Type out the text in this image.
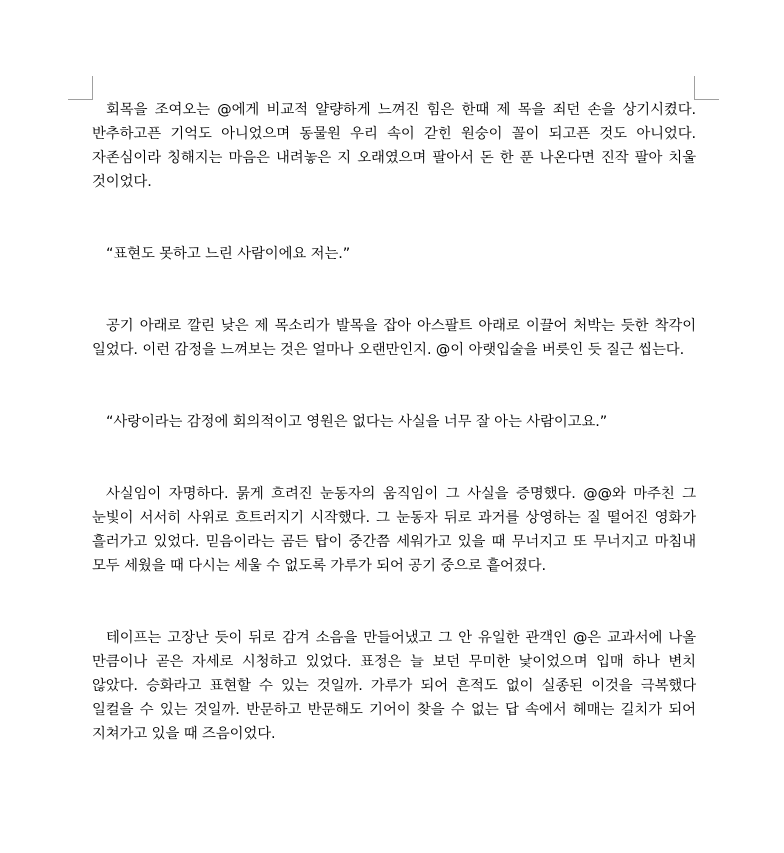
회목을 조여오는 @에게 비교적 얄량하게 느껴진 힘은 한때 제 목을 죄던 손을 상기시켰다. 반추하고픈 기억도 아니었으며 동물원 우리 속이 갇힌 원숭이 꼴이 되고픈 것도 아니었다. 자존심이라 칭해지는 마음은 내려놓은 지 오래였으며 팔아서 돈 한 푼 나온다면 진작 팔아 치울 것이었다.

“표현도 못하고 느린 사람이에요 저는.”

공기 아래로 깔린 낮은 제 목소리가 발목을 잡아 아스팔트 아래로 이끌어 처박는 듯한 착각이 일었다. 이런 감정을 느껴보는 것은 얼마나 오랜만인지. @이 아랫입술을 버릇인 듯 질근 씹는다.

“사랑이라는 감정에 회의적이고 영원은 없다는 사실을 너무 잘 아는 사람이고요.”

사실임이 자명하다. 묽게 흐려진 눈동자의 움직임이 그 사실을 증명했다. @@와 마주친 그 눈빛이 서서히 사위로 흐트러지기 시작했다. 그 눈동자 뒤로 과거를 상영하는 질 떨어진 영화가 흘러가고 있었다. 믿음이라는 곰든 탑이 중간쯤 세워가고 있을 때 무너지고 또 무너지고 마침내 모두 세웠을 때 다시는 세울 수 없도록 가루가 되어 공기 중으로 흩어졌다.

테이프는 고장난 듯이 뒤로 감겨 소음을 만들어냈고 그 안 유일한 관객인 @은 교과서에 나올 만큼이나 곧은 자세로 시청하고 있었다. 표정은 늘 보던 무미한 낯이었으며 입매 하나 변치 않았다. 승화라고 표현할 수 있는 것일까. 가루가 되어 흔적도 없이 실종된 이것을 극복했다 일컬을 수 있는 것일까. 반문하고 반문해도 기어이 찾을 수 없는 답 속에서 헤매는 길치가 되어 지쳐가고 있을 때 즈음이었다.
